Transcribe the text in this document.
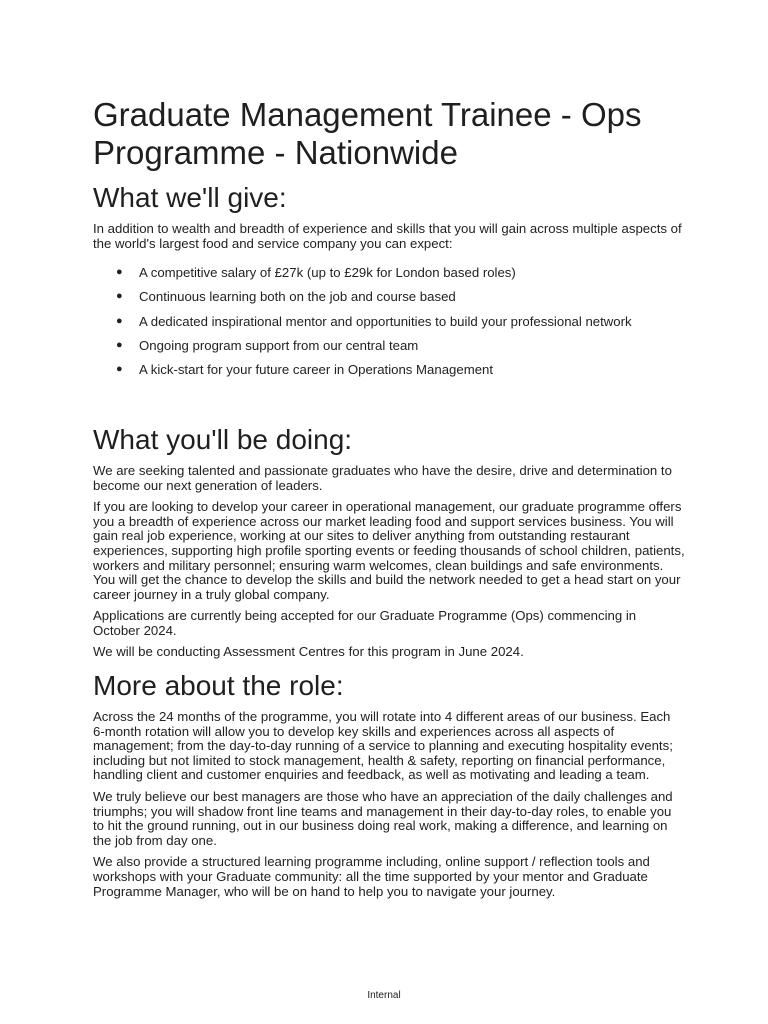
Graduate Management Trainee - Ops Programme - Nationwide
What we'll give:

In addition to wealth and breadth of experience and skills that you will gain across multiple aspects of the world's largest food and service company you can expect:

● A competitive salary of £27k (up to £29k for London based roles)
● Continuous learning both on the job and course based
● A dedicated inspirational mentor and opportunities to build your professional network
● Ongoing program support from our central team
● A kick-start for your future career in Operations Management
What you'll be doing:

We are seeking talented and passionate graduates who have the desire, drive and determination to become our next generation of leaders.

If you are looking to develop your career in operational management, our graduate programme offers you a breadth of experience across our market leading food and support services business. You will gain real job experience, working at our sites to deliver anything from outstanding restaurant experiences, supporting high profile sporting events or feeding thousands of school children, patients, workers and military personnel; ensuring warm welcomes, clean buildings and safe environments. You will get the chance to develop the skills and build the network needed to get a head start on your career journey in a truly global company.

Applications are currently being accepted for our Graduate Programme (Ops) commencing in October 2024.

We will be conducting Assessment Centres for this program in June 2024.

More about the role:

Across the 24 months of the programme, you will rotate into 4 different areas of our business. Each 6-month rotation will allow you to develop key skills and experiences across all aspects of management; from the day-to-day running of a service to planning and executing hospitality events; including but not limited to stock management, health & safety, reporting on financial performance, handling client and customer enquiries and feedback, as well as motivating and leading a team.

We truly believe our best managers are those who have an appreciation of the daily challenges and triumphs; you will shadow front line teams and management in their day-to-day roles, to enable you to hit the ground running, out in our business doing real work, making a difference, and learning on the job from day one.

We also provide a structured learning programme including, online support / reflection tools and workshops with your Graduate community: all the time supported by your mentor and Graduate Programme Manager, who will be on hand to help you to navigate your journey.

Internal
